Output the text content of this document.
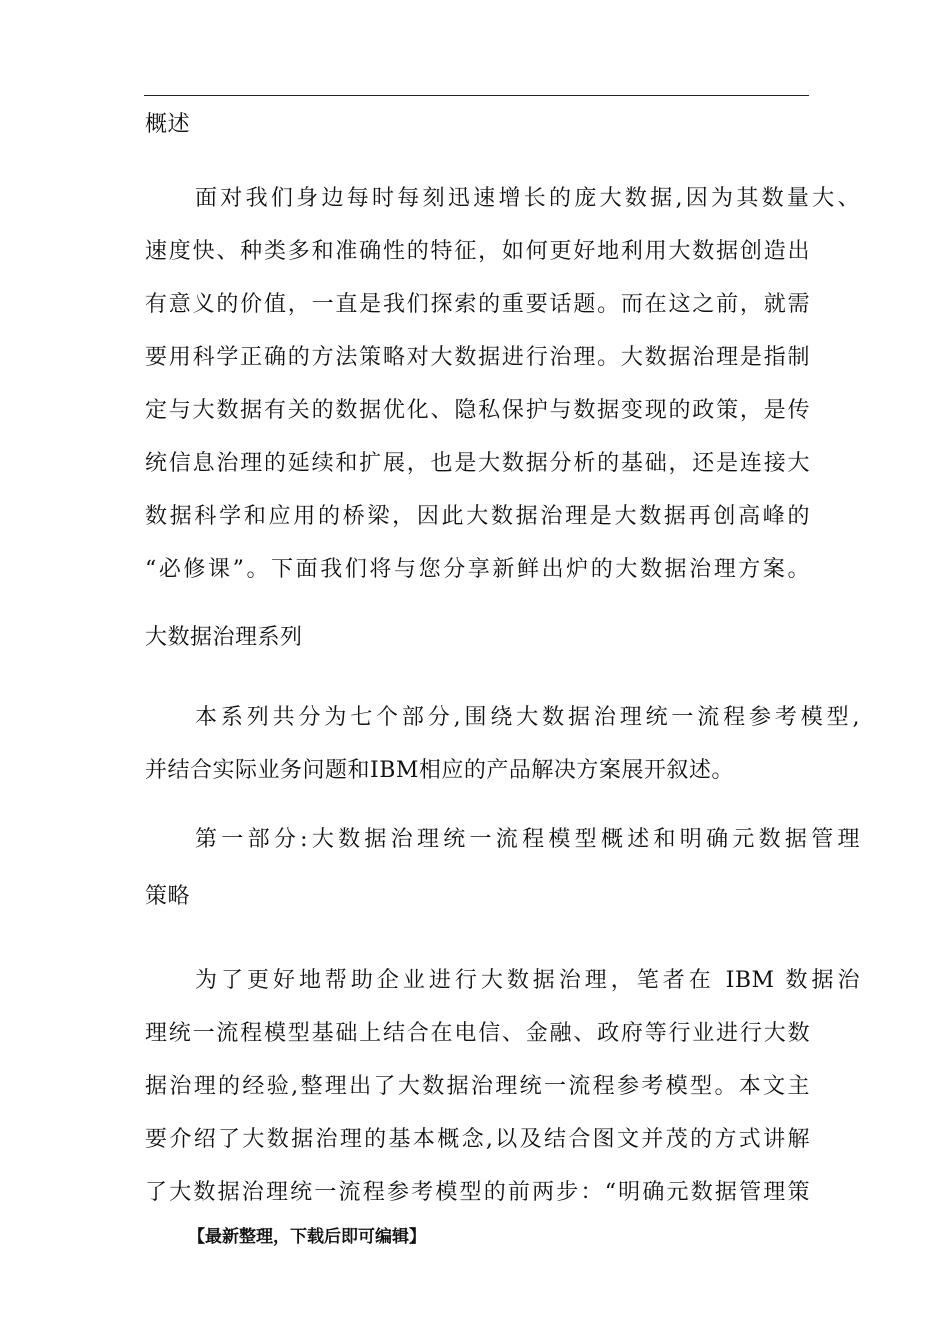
概述
面对我们身边每时每刻迅速增长的庞大数据,因为其数量大、
速度快、种类多和准确性的特征，如何更好地利用大数据创造出
有意义的价值，一直是我们探索的重要话题。而在这之前，就需
要用科学正确的方法策略对大数据进行治理。大数据治理是指制
定与大数据有关的数据优化、隐私保护与数据变现的政策，是传
统信息治理的延续和扩展，也是大数据分析的基础，还是连接大
数据科学和应用的桥梁，因此大数据治理是大数据再创高峰的
“必修课”。下面我们将与您分享新鲜出炉的大数据治理方案。
大数据治理系列
本系列共分为七个部分,围绕大数据治理统一流程参考模型,
并结合实际业务问题和IBM相应的产品解决方案展开叙述。
第一部分:大数据治理统一流程模型概述和明确元数据管理
策略
为了更好地帮助企业进行大数据治理，笔者在 IBM 数据治
理统一流程模型基础上结合在电信、金融、政府等行业进行大数
据治理的经验,整理出了大数据治理统一流程参考模型。本文主
要介绍了大数据治理的基本概念,以及结合图文并茂的方式讲解
了大数据治理统一流程参考模型的前两步：“明确元数据管理策
【最新整理，下载后即可编辑】
